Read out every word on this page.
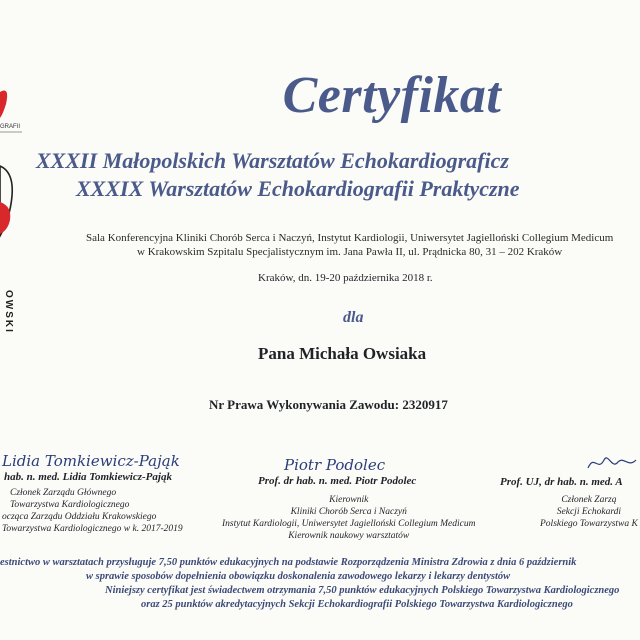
GRAFII
OWSKI
Certyfikat
XXXII Małopolskich Warsztatów Echokardiograficz
XXXIX Warsztatów Echokardiografii Praktyczne
Sala Konferencyjna Kliniki Chorób Serca i Naczyń, Instytut Kardiologii, Uniwersytet Jagielloński Collegium Medicum
w Krakowskim Szpitalu Specjalistycznym im. Jana Pawła II, ul. Prądnicka 80, 31 – 202 Kraków
Kraków, dn. 19-20 października 2018 r.
dla
Pana Michała Owsiaka
Nr Prawa Wykonywania Zawodu: 2320917
Lidia Tomkiewicz-Pająk	Piotr Podolec
hab. n. med. Lidia Tomkiewicz-Pająk
Członek Zarządu Głównego
Towarzystwa Kardiologicznego
ocząca Zarządu Oddziału Krakowskiego
Towarzystwa Kardiologicznego w k. 2017-2019
Prof. dr hab. n. med. Piotr Podolec
Kierownik
Kliniki Chorób Serca i Naczyń
Instytut Kardiologii, Uniwersytet Jagielloński Collegium Medicum
Kierownik naukowy warsztatów
Prof. UJ, dr hab. n. med. A
Członek Zarzą
Sekcji Echokardi
Polskiego Towarzystwa K
estnictwo w warsztatach przysługuje 7,50 punktów edukacyjnych na podstawie Rozporządzenia Ministra Zdrowia z dnia 6 październik
w sprawie sposobów dopełnienia obowiązku doskonalenia zawodowego lekarzy i lekarzy dentystów
Niniejszy certyfikat jest świadectwem otrzymania 7,50 punktów edukacyjnych Polskiego Towarzystwa Kardiologicznego
oraz 25 punktów akredytacyjnych Sekcji Echokardiografii Polskiego Towarzystwa Kardiologicznego
